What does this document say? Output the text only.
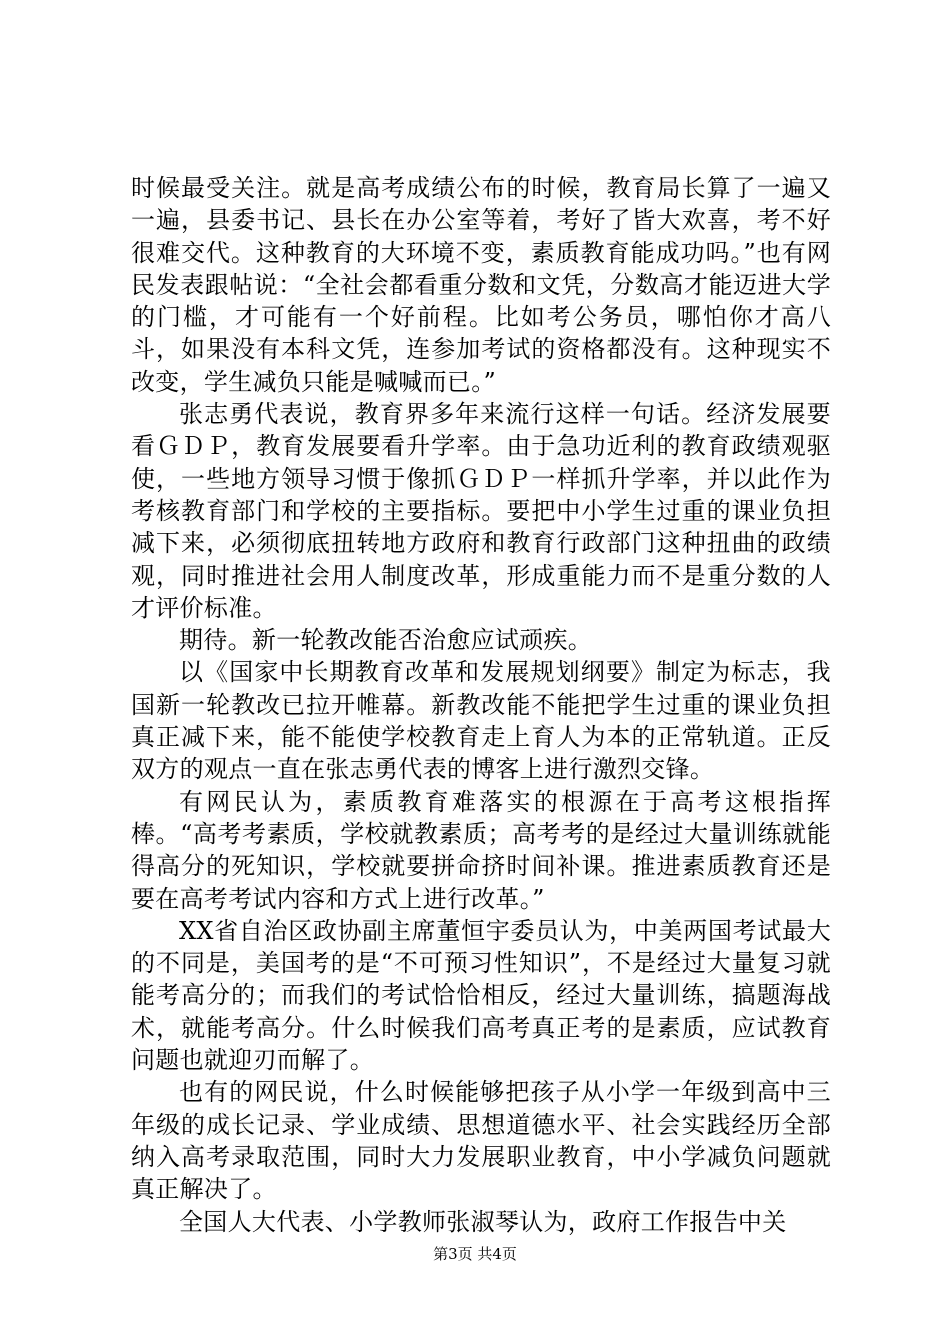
时候最受关注。就是高考成绩公布的时候，教育局长算了一遍又一遍，县委书记、县长在办公室等着，考好了皆大欢喜，考不好很难交代。这种教育的大环境不变，素质教育能成功吗。”也有网民发表跟帖说：“全社会都看重分数和文凭，分数高才能迈进大学的门槛，才可能有一个好前程。比如考公务员，哪怕你才高八斗，如果没有本科文凭，连参加考试的资格都没有。这种现实不改变，学生减负只能是喊喊而已。”

张志勇代表说，教育界多年来流行这样一句话。经济发展要看ＧＤＰ，教育发展要看升学率。由于急功近利的教育政绩观驱使，一些地方领导习惯于像抓ＧＤＰ一样抓升学率，并以此作为考核教育部门和学校的主要指标。要把中小学生过重的课业负担减下来，必须彻底扭转地方政府和教育行政部门这种扭曲的政绩观，同时推进社会用人制度改革，形成重能力而不是重分数的人才评价标准。

期待。新一轮教改能否治愈应试顽疾。

以《国家中长期教育改革和发展规划纲要》制定为标志，我国新一轮教改已拉开帷幕。新教改能不能把学生过重的课业负担真正减下来，能不能使学校教育走上育人为本的正常轨道。正反双方的观点一直在张志勇代表的博客上进行激烈交锋。

有网民认为，素质教育难落实的根源在于高考这根指挥棒。“高考考素质，学校就教素质；高考考的是经过大量训练就能得高分的死知识，学校就要拼命挤时间补课。推进素质教育还是要在高考考试内容和方式上进行改革。”

XX省自治区政协副主席董恒宇委员认为，中美两国考试最大的不同是，美国考的是“不可预习性知识”，不是经过大量复习就能考高分的；而我们的考试恰恰相反，经过大量训练，搞题海战术，就能考高分。什么时候我们高考真正考的是素质，应试教育问题也就迎刃而解了。

也有的网民说，什么时候能够把孩子从小学一年级到高中三年级的成长记录、学业成绩、思想道德水平、社会实践经历全部纳入高考录取范围，同时大力发展职业教育，中小学减负问题就真正解决了。

全国人大代表、小学教师张淑琴认为，政府工作报告中关

第3页 共4页
